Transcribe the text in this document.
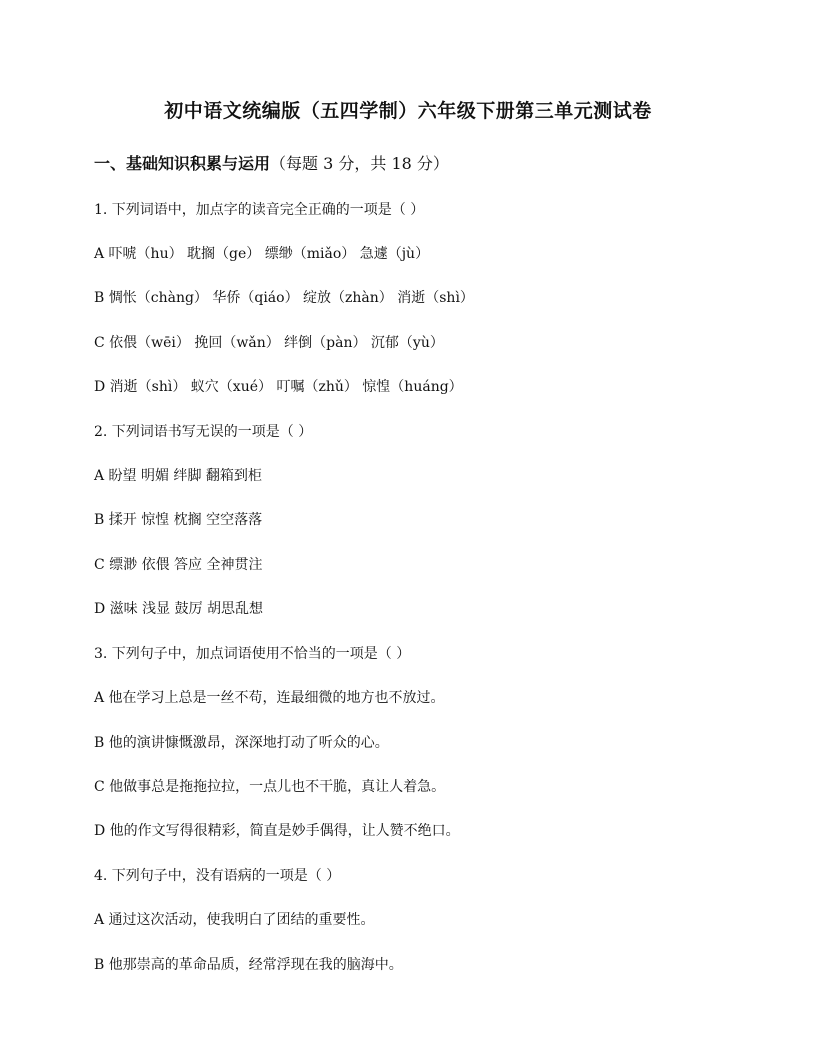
初中语文统编版（五四学制）六年级下册第三单元测试卷
一、基础知识积累与运用（每题 3 分，共 18 分）
1. 下列词语中，加点字的读音完全正确的一项是（ ）
A 吓唬（hu） 耽搁（ge） 缥缈（miǎo） 急遽（jù）
B 惆怅（chàng） 华侨（qiáo） 绽放（zhàn） 消逝（shì）
C 依偎（wēi） 挽回（wǎn） 绊倒（pàn） 沉郁（yù）
D 消逝（shì） 蚁穴（xué） 叮嘱（zhǔ） 惊惶（huáng）
2. 下列词语书写无误的一项是（ ）
A 盼望 明媚 绊脚 翻箱到柜
B 揉开 惊惶 枕搁 空空落落
C 缥渺 依偎 答应 全神贯注
D 滋味 浅显 鼓厉 胡思乱想
3. 下列句子中，加点词语使用不恰当的一项是（ ）
A 他在学习上总是一丝不苟，连最细微的地方也不放过。
B 他的演讲慷慨激昂，深深地打动了听众的心。
C 他做事总是拖拖拉拉，一点儿也不干脆，真让人着急。
D 他的作文写得很精彩，简直是妙手偶得，让人赞不绝口。
4. 下列句子中，没有语病的一项是（ ）
A 通过这次活动，使我明白了团结的重要性。
B 他那崇高的革命品质，经常浮现在我的脑海中。
